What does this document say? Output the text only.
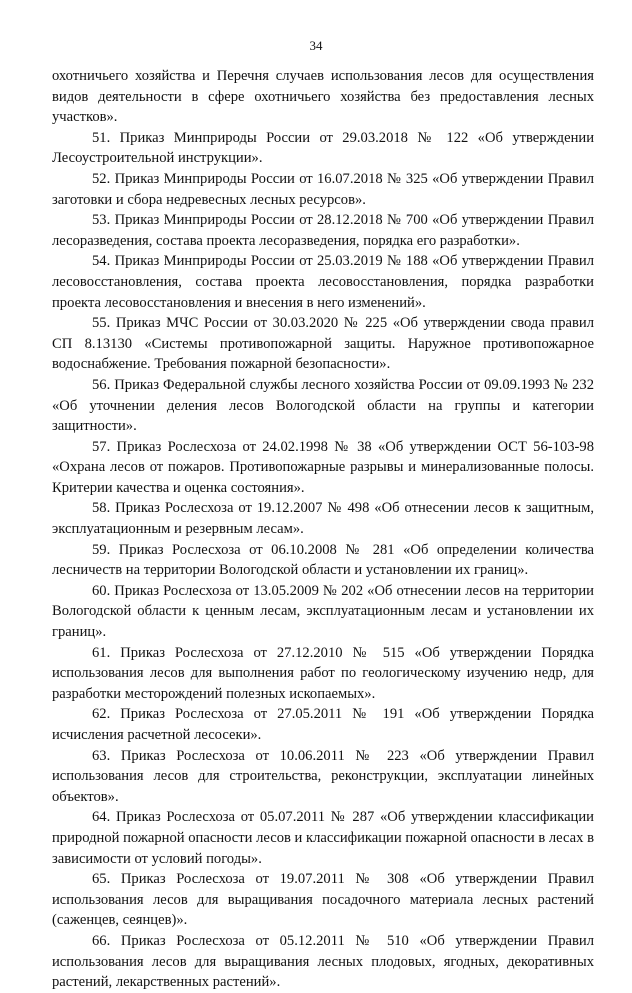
34

охотничьего хозяйства и Перечня случаев использования лесов для осуществления видов деятельности в сфере охотничьего хозяйства без предоставления лесных участков».

51. Приказ Минприроды России от 29.03.2018 № 122 «Об утверждении Лесоустроительной инструкции».

52. Приказ Минприроды России от 16.07.2018 № 325 «Об утверждении Правил заготовки и сбора недревесных лесных ресурсов».

53. Приказ Минприроды России от 28.12.2018 № 700 «Об утверждении Правил лесоразведения, состава проекта лесоразведения, порядка его разработки».

54. Приказ Минприроды России от 25.03.2019 № 188 «Об утверждении Правил лесовосстановления, состава проекта лесовосстановления, порядка разработки проекта лесовосстановления и внесения в него изменений».

55. Приказ МЧС России от 30.03.2020 № 225 «Об утверждении свода правил СП 8.13130 «Системы противопожарной защиты. Наружное противопожарное водоснабжение. Требования пожарной безопасности».

56. Приказ Федеральной службы лесного хозяйства России от 09.09.1993 № 232 «Об уточнении деления лесов Вологодской области на группы и категории защитности».

57. Приказ Рослесхоза от 24.02.1998 № 38 «Об утверждении ОСТ 56-103-98 «Охрана лесов от пожаров. Противопожарные разрывы и минерализованные полосы. Критерии качества и оценка состояния».

58. Приказ Рослесхоза от 19.12.2007 № 498 «Об отнесении лесов к защитным, эксплуатационным и резервным лесам».

59. Приказ Рослесхоза от 06.10.2008 № 281 «Об определении количества лесничеств на территории Вологодской области и установлении их границ».

60. Приказ Рослесхоза от 13.05.2009 № 202 «Об отнесении лесов на территории Вологодской области к ценным лесам, эксплуатационным лесам и установлении их границ».

61. Приказ Рослесхоза от 27.12.2010 № 515 «Об утверждении Порядка использования лесов для выполнения работ по геологическому изучению недр, для разработки месторождений полезных ископаемых».

62. Приказ Рослесхоза от 27.05.2011 № 191 «Об утверждении Порядка исчисления расчетной лесосеки».

63. Приказ Рослесхоза от 10.06.2011 № 223 «Об утверждении Правил использования лесов для строительства, реконструкции, эксплуатации линейных объектов».

64. Приказ Рослесхоза от 05.07.2011 № 287 «Об утверждении классификации природной пожарной опасности лесов и классификации пожарной опасности в лесах в зависимости от условий погоды».

65. Приказ Рослесхоза от 19.07.2011 № 308 «Об утверждении Правил использования лесов для выращивания посадочного материала лесных растений (саженцев, сеянцев)».

66. Приказ Рослесхоза от 05.12.2011 № 510 «Об утверждении Правил использования лесов для выращивания лесных плодовых, ягодных, декоративных растений, лекарственных растений».
